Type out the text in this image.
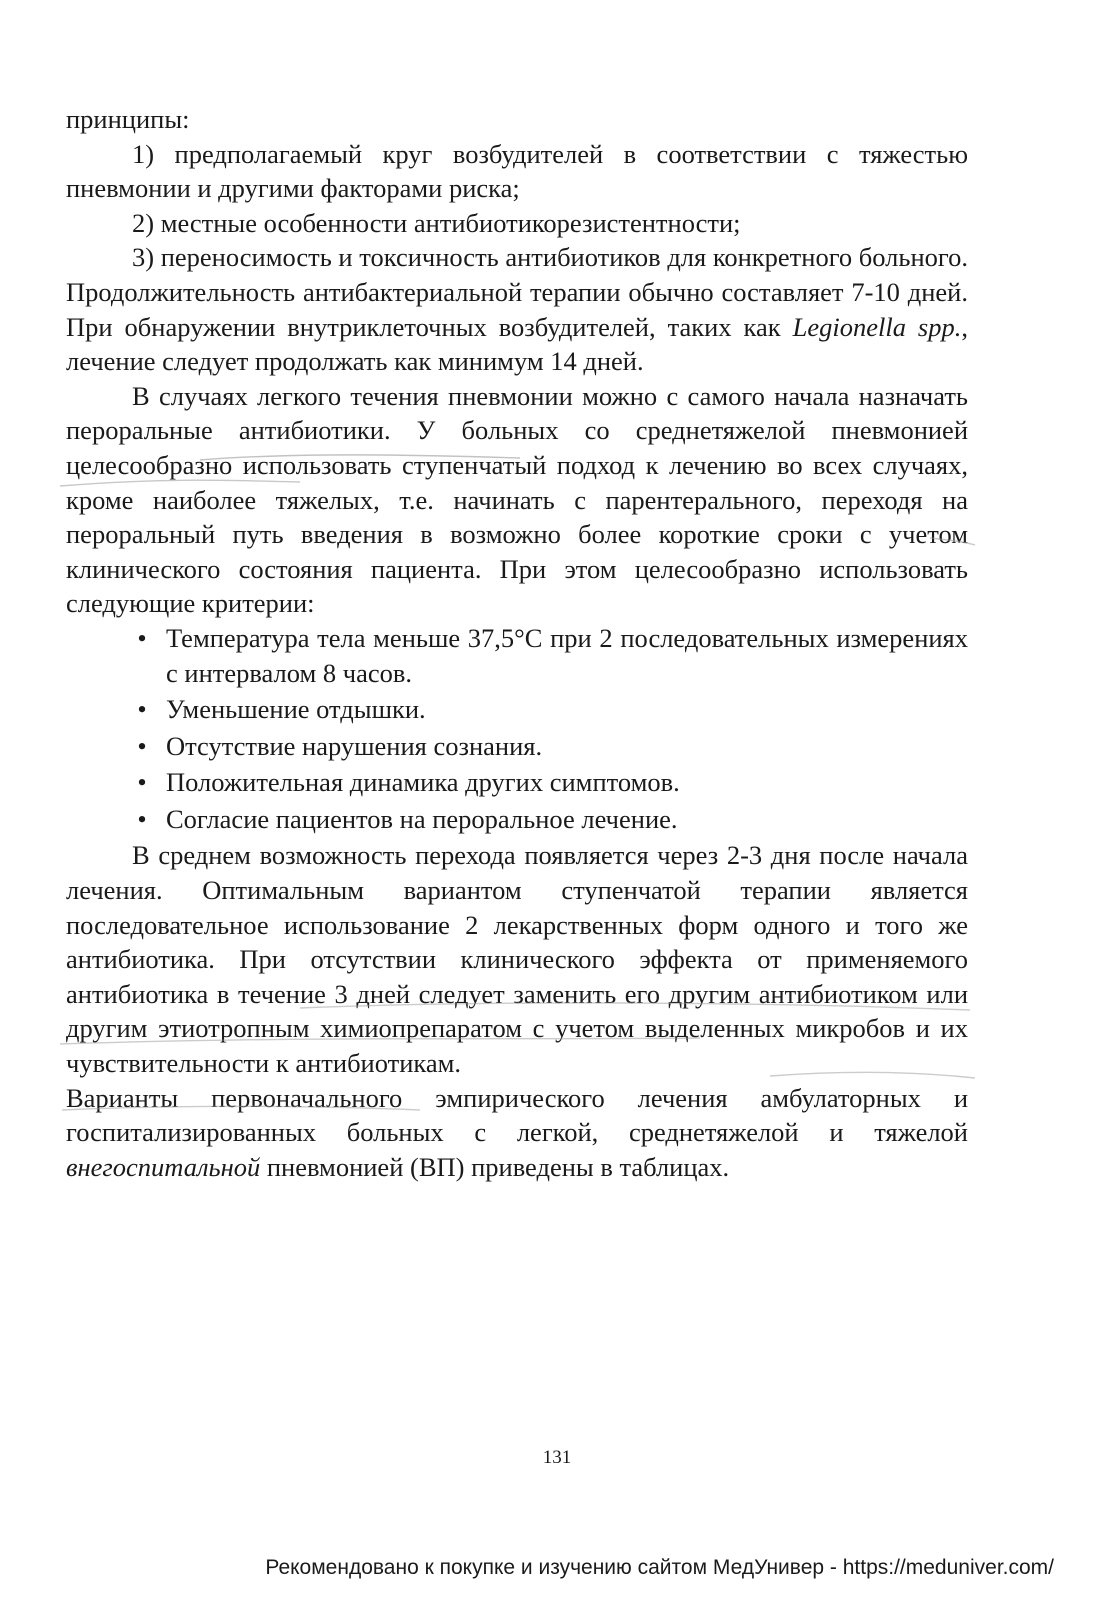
принципы:

1) предполагаемый круг возбудителей в соответствии с тяжестью пневмонии и другими факторами риска;

2) местные особенности антибиотикорезистентности;

3) переносимость и токсичность антибиотиков для конкретного больного. Продолжительность антибактериальной терапии обычно составляет 7-10 дней. При обнаружении внутриклеточных возбудителей, таких как Legionella spp., лечение следует продолжать как минимум 14 дней.

В случаях легкого течения пневмонии можно с самого начала назначать пероральные антибиотики. У больных со среднетяжелой пневмонией целесообразно использовать ступенчатый подход к лечению во всех случаях, кроме наиболее тяжелых, т.е. начинать с парентерального, переходя на пероральный путь введения в возможно более короткие сроки с учетом клинического состояния пациента. При этом целесообразно использовать следующие критерии:

• Температура тела меньше 37,5°С при 2 последовательных измерениях с интервалом 8 часов.
• Уменьшение отдышки.
• Отсутствие нарушения сознания.
• Положительная динамика других симптомов.
• Согласие пациентов на пероральное лечение.

В среднем возможность перехода появляется через 2-3 дня после начала лечения. Оптимальным вариантом ступенчатой терапии является последовательное использование 2 лекарственных форм одного и того же антибиотика. При отсутствии клинического эффекта от применяемого антибиотика в течение 3 дней следует заменить его другим антибиотиком или другим этиотропным химиопрепаратом с учетом выделенных микробов и их чувствительности к антибиотикам.

Варианты первоначального эмпирического лечения амбулаторных и госпитализированных больных с легкой, среднетяжелой и тяжелой внегоспитальной пневмонией (ВП) приведены в таблицах.

131
Рекомендовано к покупке и изучению сайтом МедУнивер - https://meduniver.com/
